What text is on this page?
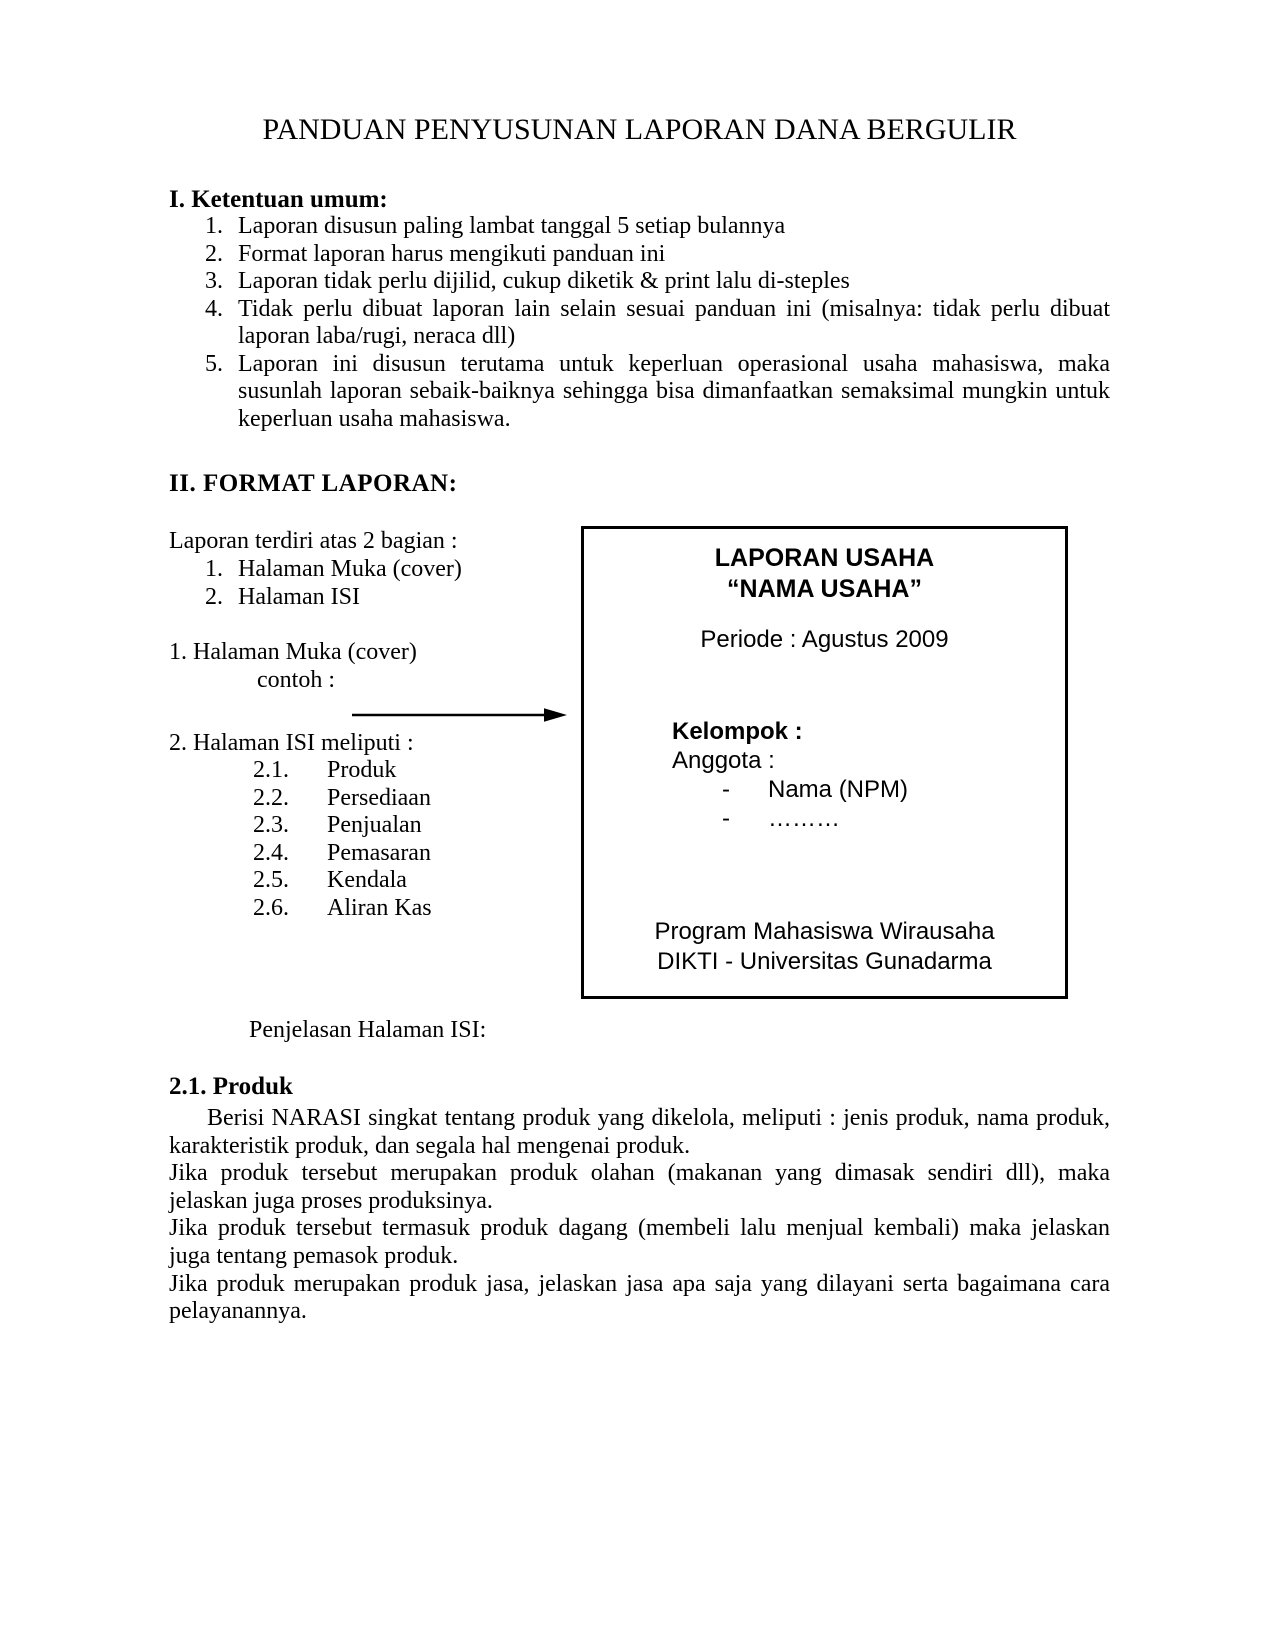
PANDUAN PENYUSUNAN LAPORAN DANA BERGULIR
I. Ketentuan umum:
1. Laporan disusun paling lambat tanggal 5 setiap bulannya
2. Format laporan harus mengikuti panduan ini
3. Laporan tidak perlu dijilid, cukup diketik & print lalu di-steples
4. Tidak perlu dibuat laporan lain selain sesuai panduan ini (misalnya: tidak perlu dibuat laporan laba/rugi, neraca dll)
5. Laporan ini disusun terutama untuk keperluan operasional usaha mahasiswa, maka susunlah laporan sebaik-baiknya sehingga bisa dimanfaatkan semaksimal mungkin untuk keperluan usaha mahasiswa.
II. FORMAT LAPORAN:

Laporan terdiri atas 2 bagian :

1. Halaman Muka (cover)
2. Halaman ISI

1. Halaman Muka (cover)

contoh :

2. Halaman ISI meliputi :

2.1.	Produk
2.2.	Persediaan
2.3.	Penjualan
2.4.	Pemasaran
2.5.	Kendala
2.6.	Aliran Kas
LAPORAN USAHA
“NAMA USAHA”
Periode : Agustus 2009
Kelompok :
Anggota :
-	Nama (NPM)
-	………
Program Mahasiswa Wirausaha
DIKTI - Universitas Gunadarma

Penjelasan Halaman ISI:

2.1. Produk

Berisi NARASI singkat tentang produk yang dikelola, meliputi : jenis produk, nama produk, karakteristik produk, dan segala hal mengenai produk.

Jika produk tersebut merupakan produk olahan (makanan yang dimasak sendiri dll), maka jelaskan juga proses produksinya.

Jika produk tersebut termasuk produk dagang (membeli lalu menjual kembali) maka jelaskan juga tentang pemasok produk.

Jika produk merupakan produk jasa, jelaskan jasa apa saja yang dilayani serta bagaimana cara pelayanannya.
